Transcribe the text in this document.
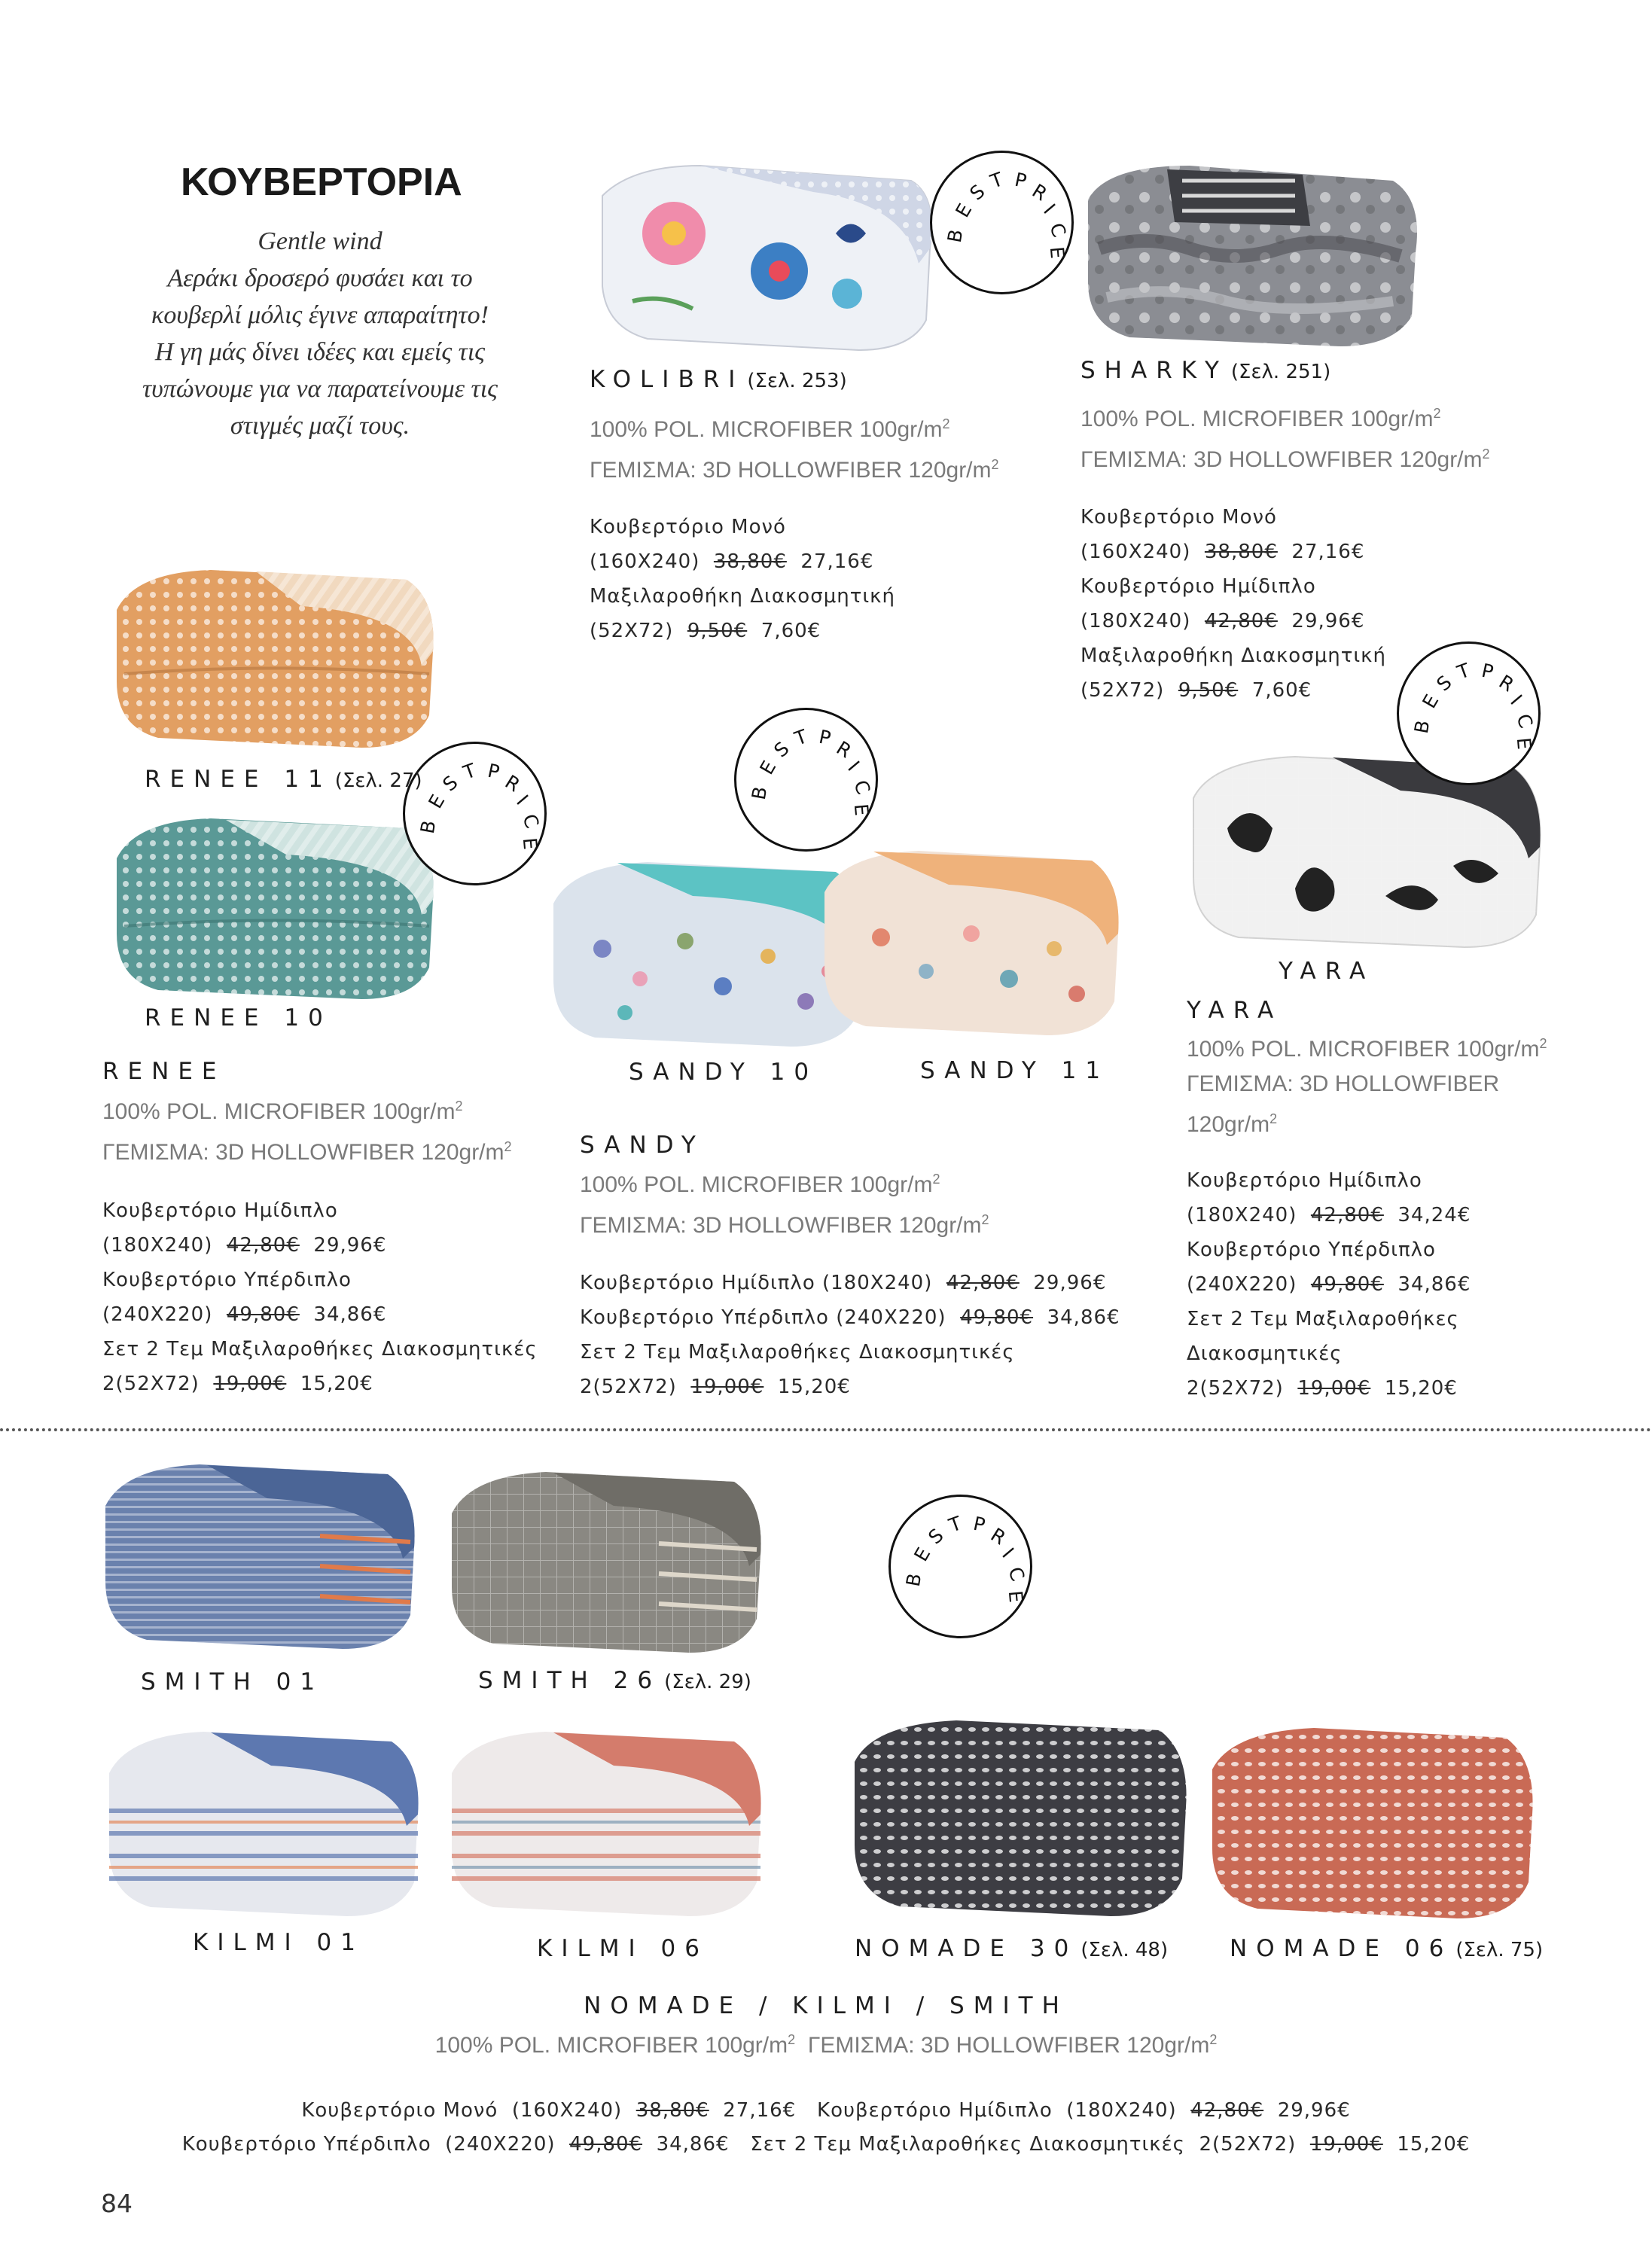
ΚΟΥΒΕΡΤΟΡΙΑ
Gentle wind
Αεράκι δροσερό φυσάει και το
κουβερλί μόλις έγινε απαραίτητο!
Η γη μάς δίνει ιδέες και εμείς τις
τυπώνουμε για να παρατείνουμε τις
στιγμές μαζί τους.
B
E
S
T P R
I
C
E
B
E
S
T P R
I
C
E
B
E
S
T P R
I
C
E
B
E
S
T P R
I
C
E
B
E
S
T P R
I
C
E
KOLIBRI (Σελ. 253)
100% POL. MICROFIBER $100gr/m^2$
ΓΕΜΙΣΜΑ: 3D HOLLOWFIBER $120gr/m^2$
Κουβερτόριο Μονό
(160Χ240) 38,80€ 27,16€
Μαξιλαροθήκη Διακοσμητική
(52Χ72) 9,50€ 7,60€
SHARKY (Σελ. 251)
100% POL. MICROFIBER $100gr/m^2$
ΓΕΜΙΣΜΑ: 3D HOLLOWFIBER $120gr/m^2$
Κουβερτόριο Μονό
(160Χ240) 38,80€ 27,16€
Κουβερτόριο Ημίδιπλο
(180Χ240) 42,80€ 29,96€
Μαξιλαροθήκη Διακοσμητική
(52Χ72) 9,50€ 7,60€
RENEE 11 (Σελ. 27)
RENEE 10
RENEE
100% POL. MICROFIBER $100gr/m^2$
ΓΕΜΙΣΜΑ: 3D HOLLOWFIBER $120gr/m^2$
Κουβερτόριο Ημίδιπλο
(180Χ240) 42,80€ 29,96€
Κουβερτόριο Υπέρδιπλο
(240Χ220) 49,80€ 34,86€
Σετ 2 Τεμ Μαξιλαροθήκες Διακοσμητικές
2(52Χ72) 19,00€ 15,20€
SANDY 10	SANDY 11
SANDY
100% POL. MICROFIBER $100gr/m^2$
ΓΕΜΙΣΜΑ: 3D HOLLOWFIBER $120gr/m^2$
Κουβερτόριο Ημίδιπλο (180Χ240) 42,80€ 29,96€
Κουβερτόριο Υπέρδιπλο (240Χ220) 49,80€ 34,86€
Σετ 2 Τεμ Μαξιλαροθήκες Διακοσμητικές
2(52Χ72) 19,00€ 15,20€
YARA
YARA
100% POL. MICROFIBER $100gr/m^2$
ΓΕΜΙΣΜΑ: 3D HOLLOWFIBER
$120gr/m^2$
Κουβερτόριο Ημίδιπλο
(180Χ240) 42,80€ 34,24€
Κουβερτόριο Υπέρδιπλο
(240Χ220) 49,80€ 34,86€
Σετ 2 Τεμ Μαξιλαροθήκες
Διακοσμητικές
2(52Χ72) 19,00€ 15,20€
SMITH 01	SMITH 26 (Σελ. 29)
KILMI 01	KILMI 06	NOMADE 30 (Σελ. 48)	NOMADE 06 (Σελ. 75)
NOMADE / KILMI / SMITH
100% POL. MICROFIBER $100gr/m^2$ ΓΕΜΙΣΜΑ: 3D HOLLOWFIBER $120gr/m^2$
Κουβερτόριο Μονό (160Χ240) 38,80€ 27,16€ Κουβερτόριο Ημίδιπλο (180Χ240) 42,80€ 29,96€
Κουβερτόριο Υπέρδιπλο (240Χ220) 49,80€ 34,86€ Σετ 2 Τεμ Μαξιλαροθήκες Διακοσμητικές 2(52Χ72) 19,00€ 15,20€
84
